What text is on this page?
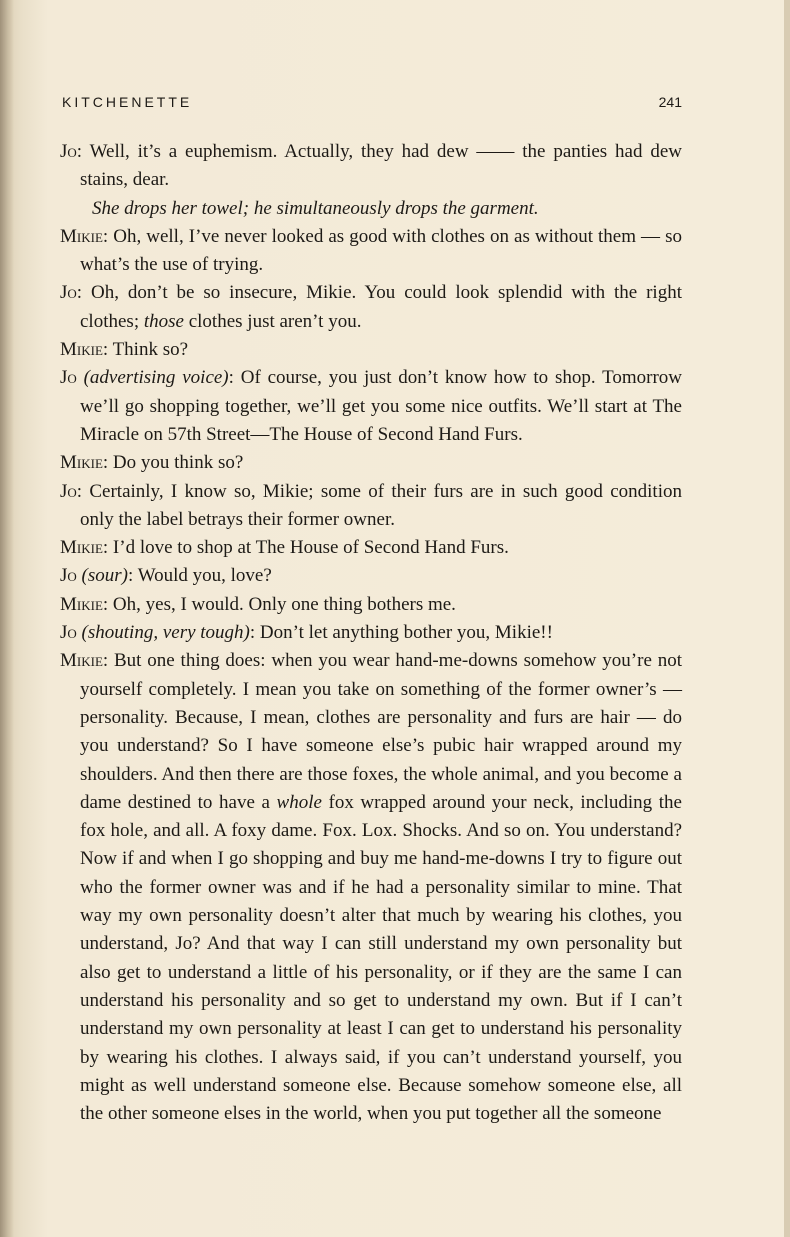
KITCHENETTE	241

Jo: Well, it’s a euphemism. Actually, they had dew —— the panties had dew stains, dear.

She drops her towel; he simultaneously drops the garment.

Mikie: Oh, well, I’ve never looked as good with clothes on as without them — so what’s the use of trying.

Jo: Oh, don’t be so insecure, Mikie. You could look splendid with the right clothes; those clothes just aren’t you.

Mikie: Think so?

Jo (advertising voice): Of course, you just don’t know how to shop. Tomorrow we’ll go shopping together, we’ll get you some nice outfits. We’ll start at The Miracle on 57th Street—The House of Second Hand Furs.

Mikie: Do you think so?

Jo: Certainly, I know so, Mikie; some of their furs are in such good condition only the label betrays their former owner.

Mikie: I’d love to shop at The House of Second Hand Furs.

Jo (sour): Would you, love?

Mikie: Oh, yes, I would. Only one thing bothers me.

Jo (shouting, very tough): Don’t let anything bother you, Mikie!!

Mikie: But one thing does: when you wear hand-me-downs somehow you’re not yourself completely. I mean you take on something of the former owner’s — personality. Because, I mean, clothes are personality and furs are hair — do you understand? So I have someone else’s pubic hair wrapped around my shoulders. And then there are those foxes, the whole animal, and you become a dame destined to have a whole fox wrapped around your neck, including the fox hole, and all. A foxy dame. Fox. Lox. Shocks. And so on. You understand? Now if and when I go shopping and buy me hand-me-downs I try to figure out who the former owner was and if he had a personality similar to mine. That way my own personality doesn’t alter that much by wearing his clothes, you understand, Jo? And that way I can still understand my own personality but also get to understand a little of his personality, or if they are the same I can understand his personality and so get to understand my own. But if I can’t understand my own personality at least I can get to understand his personality by wearing his clothes. I always said, if you can’t understand yourself, you might as well understand someone else. Because somehow someone else, all the other someone elses in the world, when you put together all the someone
